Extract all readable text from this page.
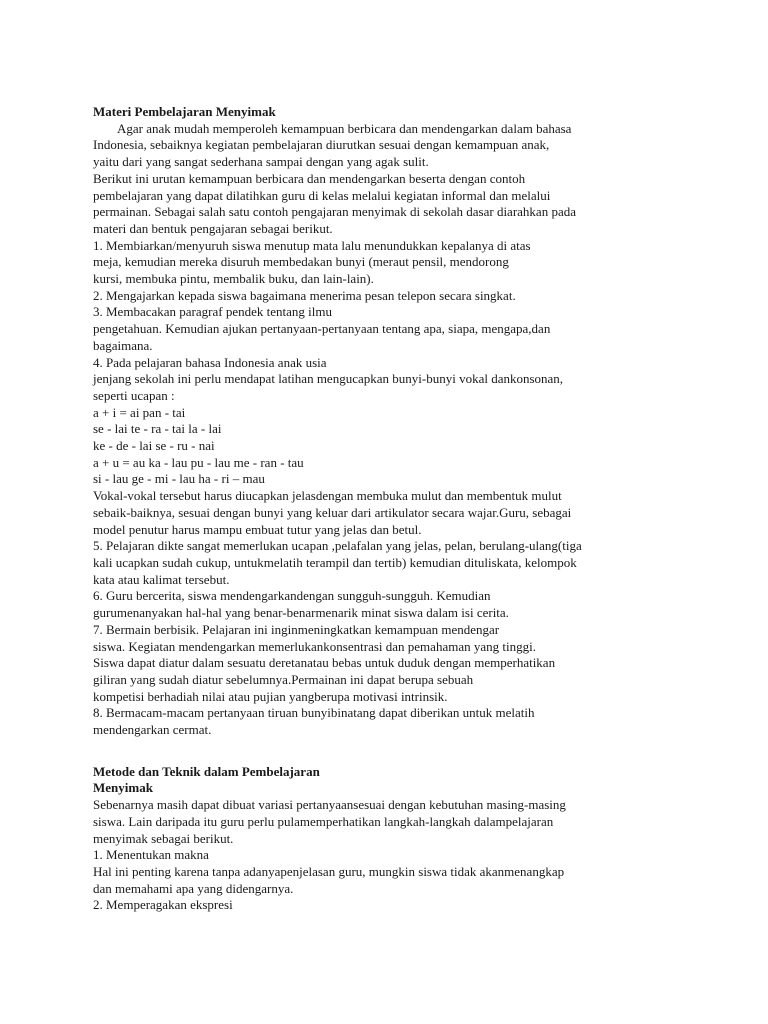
Materi Pembelajaran Menyimak
Agar anak mudah memperoleh kemampuan berbicara dan mendengarkan dalam bahasa
Indonesia, sebaiknya kegiatan pembelajaran diurutkan sesuai dengan kemampuan anak,
yaitu dari yang sangat sederhana sampai dengan yang agak sulit.
Berikut ini urutan kemampuan berbicara dan mendengarkan beserta dengan contoh
pembelajaran yang dapat dilatihkan guru di kelas melalui kegiatan informal dan melalui
permainan. Sebagai salah satu contoh pengajaran menyimak di sekolah dasar diarahkan pada
materi dan bentuk pengajaran sebagai berikut.
1. Membiarkan/menyuruh siswa menutup mata lalu menundukkan kepalanya di atas
meja, kemudian mereka disuruh membedakan bunyi (meraut pensil, mendorong
kursi, membuka pintu, membalik buku, dan lain-lain).
2. Mengajarkan kepada siswa bagaimana menerima pesan telepon secara singkat.
3. Membacakan paragraf pendek tentang ilmu
pengetahuan. Kemudian ajukan pertanyaan-pertanyaan tentang apa, siapa, mengapa,dan
bagaimana.
4. Pada pelajaran bahasa Indonesia anak usia
jenjang sekolah ini perlu mendapat latihan mengucapkan bunyi-bunyi vokal dankonsonan,
seperti ucapan :
a + i = ai pan - tai
se - lai te - ra - tai la - lai
ke - de - lai se - ru - nai
a + u = au ka - lau pu - lau me - ran - tau
si - lau ge - mi - lau ha - ri – mau
Vokal-vokal tersebut harus diucapkan jelasdengan membuka mulut dan membentuk mulut
sebaik-baiknya, sesuai dengan bunyi yang keluar dari artikulator secara wajar.Guru, sebagai
model penutur harus mampu embuat tutur yang jelas dan betul.
5. Pelajaran dikte sangat memerlukan ucapan ,pelafalan yang jelas, pelan, berulang-ulang(tiga
kali ucapkan sudah cukup, untukmelatih terampil dan tertib) kemudian dituliskata, kelompok
kata atau kalimat tersebut.
6. Guru bercerita, siswa mendengarkandengan sungguh-sungguh. Kemudian
gurumenanyakan hal-hal yang benar-benarmenarik minat siswa dalam isi cerita.
7. Bermain berbisik. Pelajaran ini inginmeningkatkan kemampuan mendengar
siswa. Kegiatan mendengarkan memerlukankonsentrasi dan pemahaman yang tinggi.
Siswa dapat diatur dalam sesuatu deretanatau bebas untuk duduk dengan memperhatikan
giliran yang sudah diatur sebelumnya.Permainan ini dapat berupa sebuah
kompetisi berhadiah nilai atau pujian yangberupa motivasi intrinsik.
8. Bermacam-macam pertanyaan tiruan bunyibinatang dapat diberikan untuk melatih
mendengarkan cermat.
Metode dan Teknik dalam Pembelajaran
Menyimak
Sebenarnya masih dapat dibuat variasi pertanyaansesuai dengan kebutuhan masing-masing
siswa. Lain daripada itu guru perlu pulamemperhatikan langkah-langkah dalampelajaran
menyimak sebagai berikut.
1. Menentukan makna
Hal ini penting karena tanpa adanyapenjelasan guru, mungkin siswa tidak akanmenangkap
dan memahami apa yang didengarnya.
2. Memperagakan ekspresi
